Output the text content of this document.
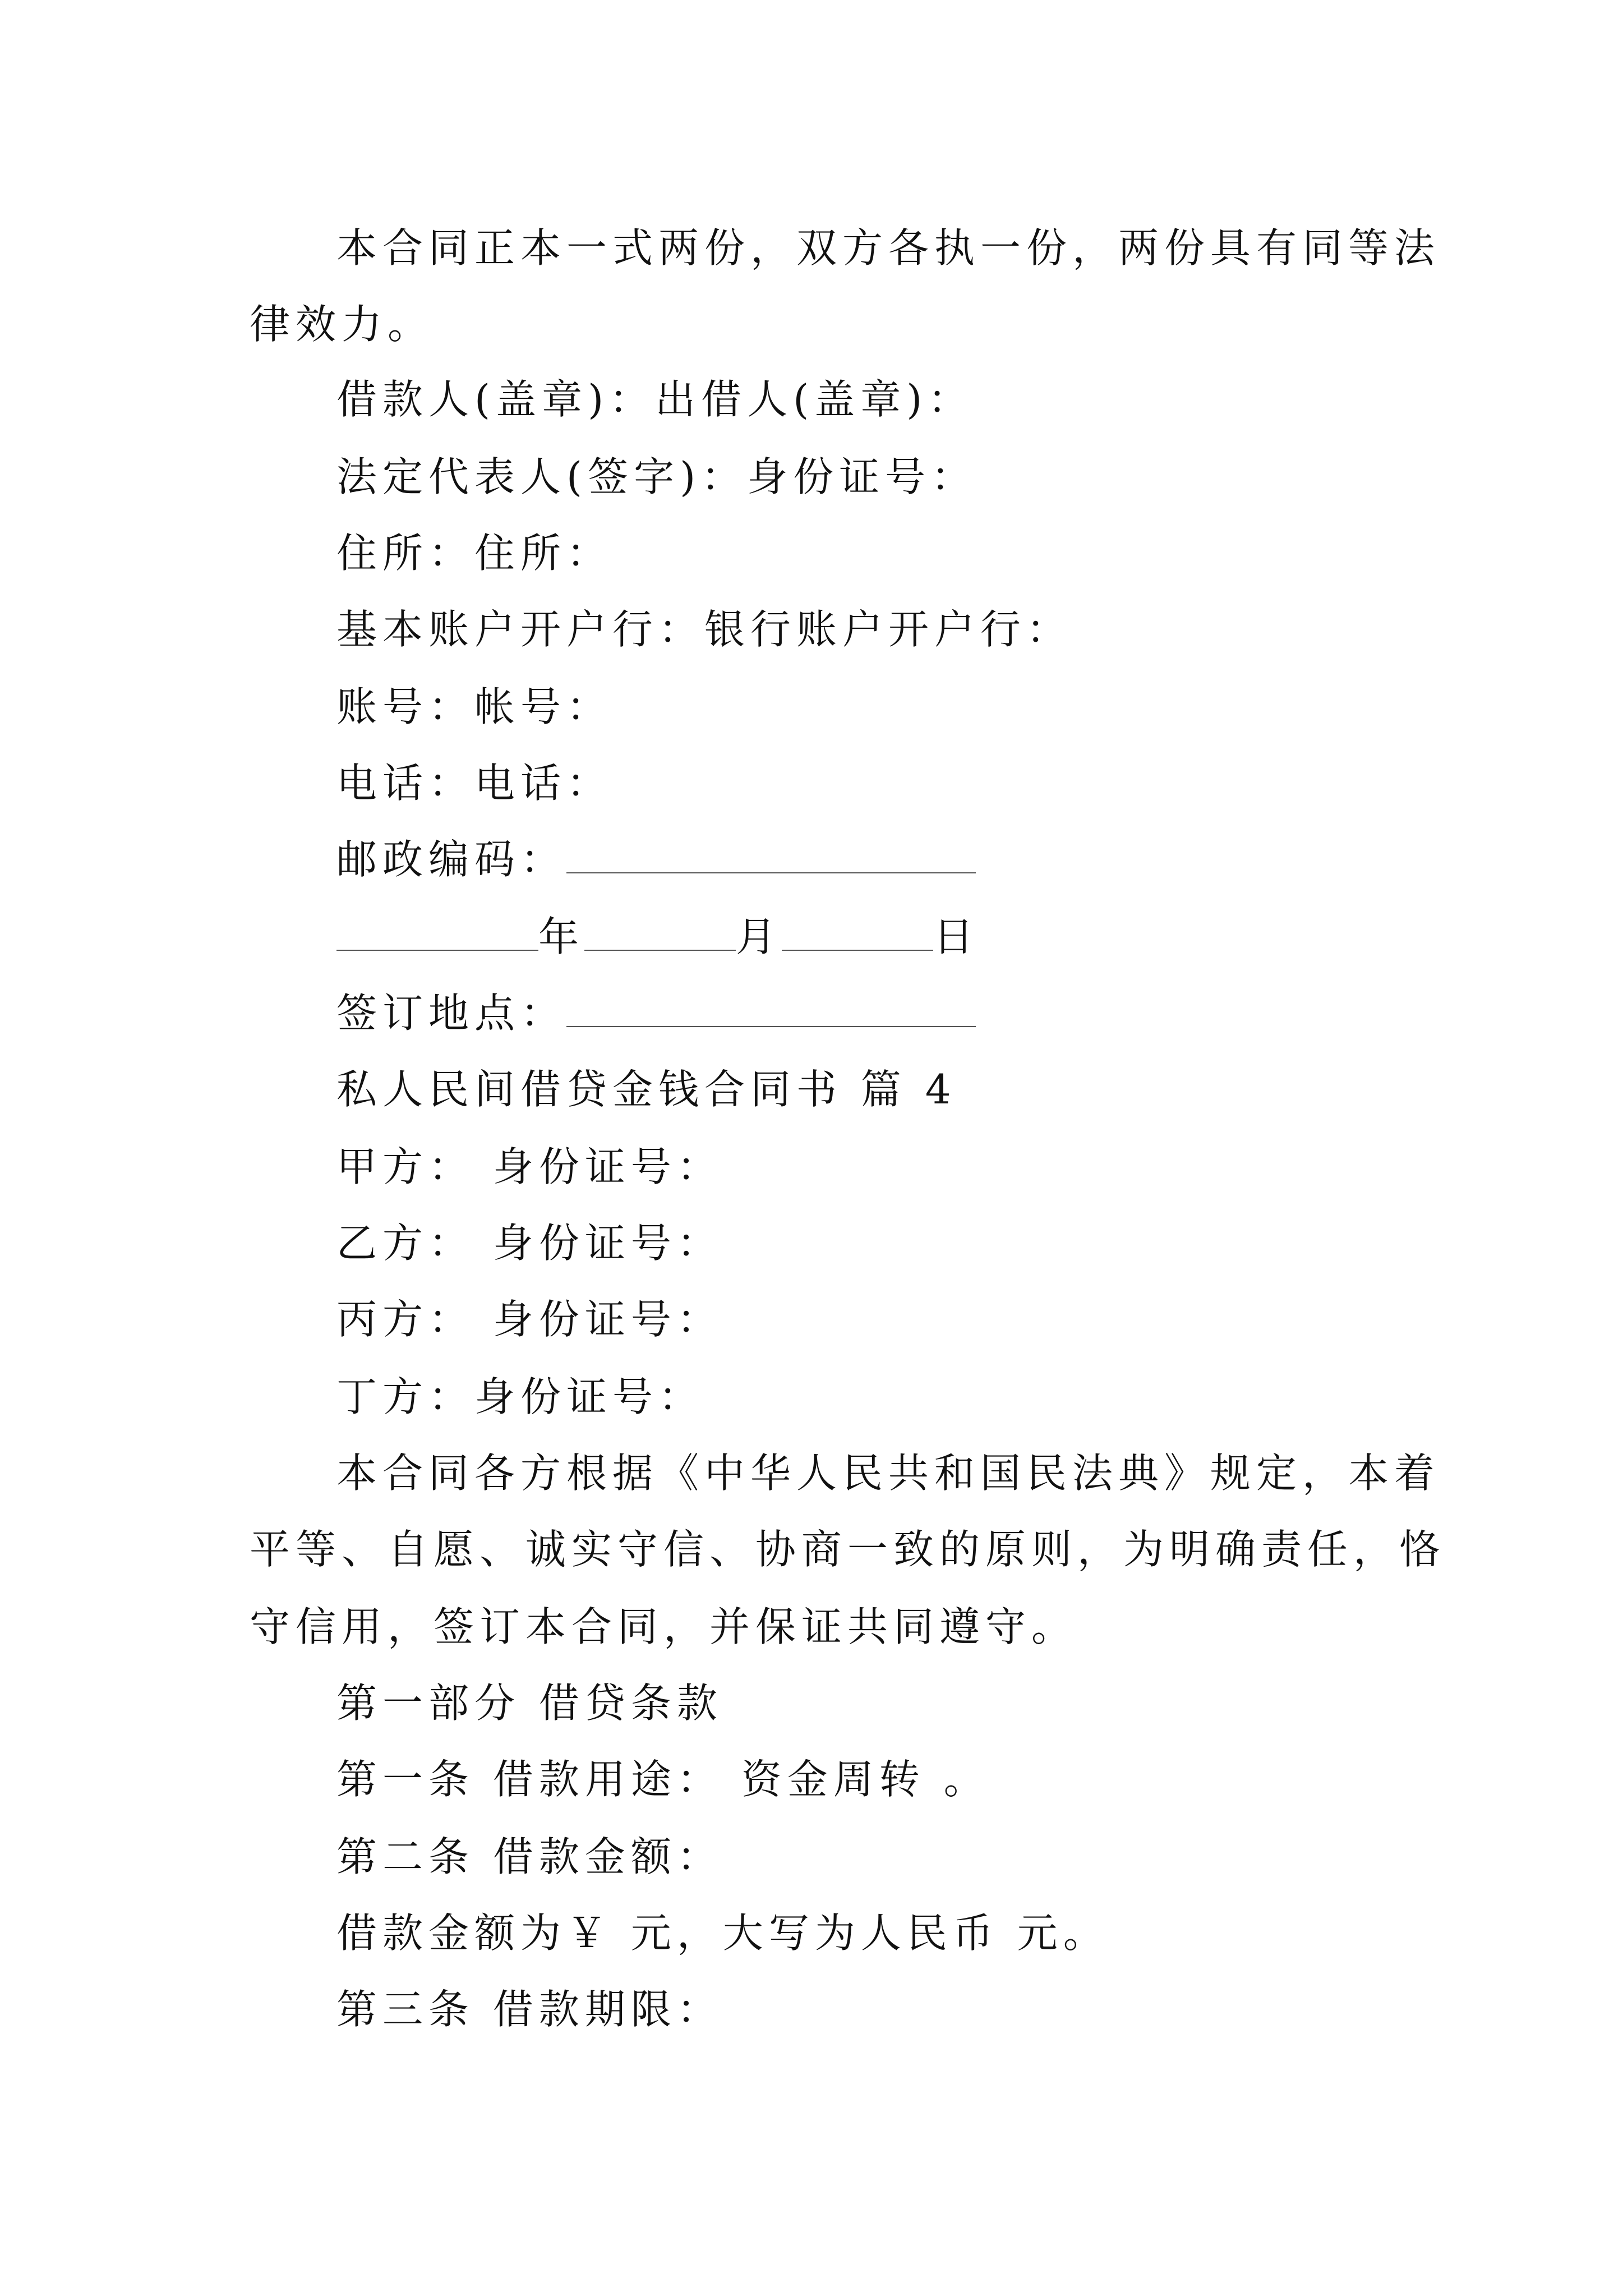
本合同正本一式两份，双方各执一份，两份具有同等法
律效力。
借款人(盖章)：出借人(盖章)：
法定代表人(签字)：身份证号：
住所：住所：
基本账户开户行：银行账户开户行：
账号：帐号：
电话：电话：
邮政编码：
年	月	日
签订地点：
私人民间借贷金钱合同书 篇 4
甲方： 身份证号：
乙方： 身份证号：
丙方： 身份证号：
丁方：身份证号：
本合同各方根据《中华人民共和国民法典》规定，本着
平等、自愿、诚实守信、协商一致的原则，为明确责任，恪
守信用，签订本合同，并保证共同遵守。
第一部分 借贷条款
第一条 借款用途： 资金周转 。
第二条 借款金额：
借款金额为￥ 元，大写为人民币 元。
第三条 借款期限：
